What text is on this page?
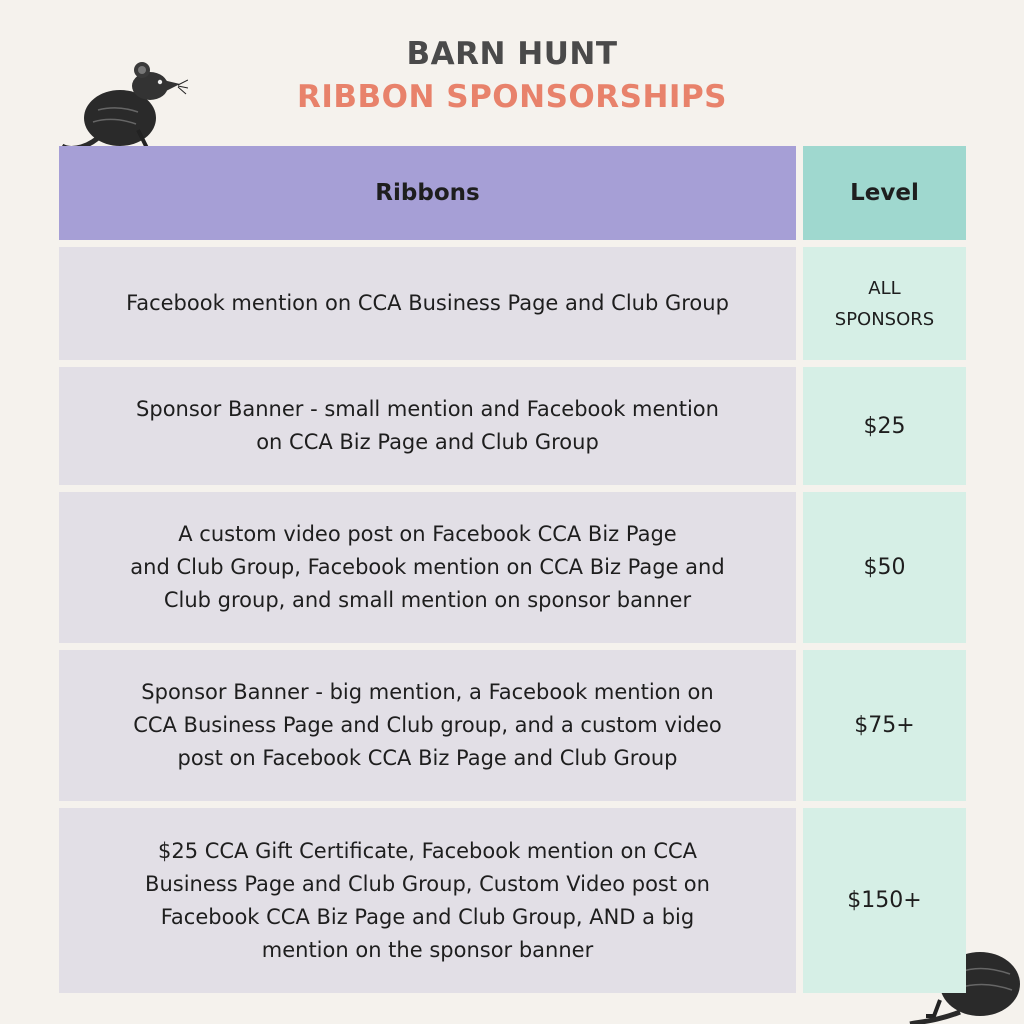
BARN HUNT
RIBBON SPONSORSHIPS
Ribbons	Level
Facebook mention on CCA Business Page and Club Group
ALL
SPONSORS
Sponsor Banner - small mention and Facebook mention
on CCA Biz Page and Club Group
$25
A custom video post on Facebook CCA Biz Page
and Club Group, Facebook mention on CCA Biz Page and
Club group, and small mention on sponsor banner
$50
Sponsor Banner - big mention, a Facebook mention on
CCA Business Page and Club group, and a custom video
post on Facebook CCA Biz Page and Club Group
$75+
$25 CCA Gift Certificate, Facebook mention on CCA
Business Page and Club Group, Custom Video post on
Facebook CCA Biz Page and Club Group, AND a big
mention on the sponsor banner
$150+
